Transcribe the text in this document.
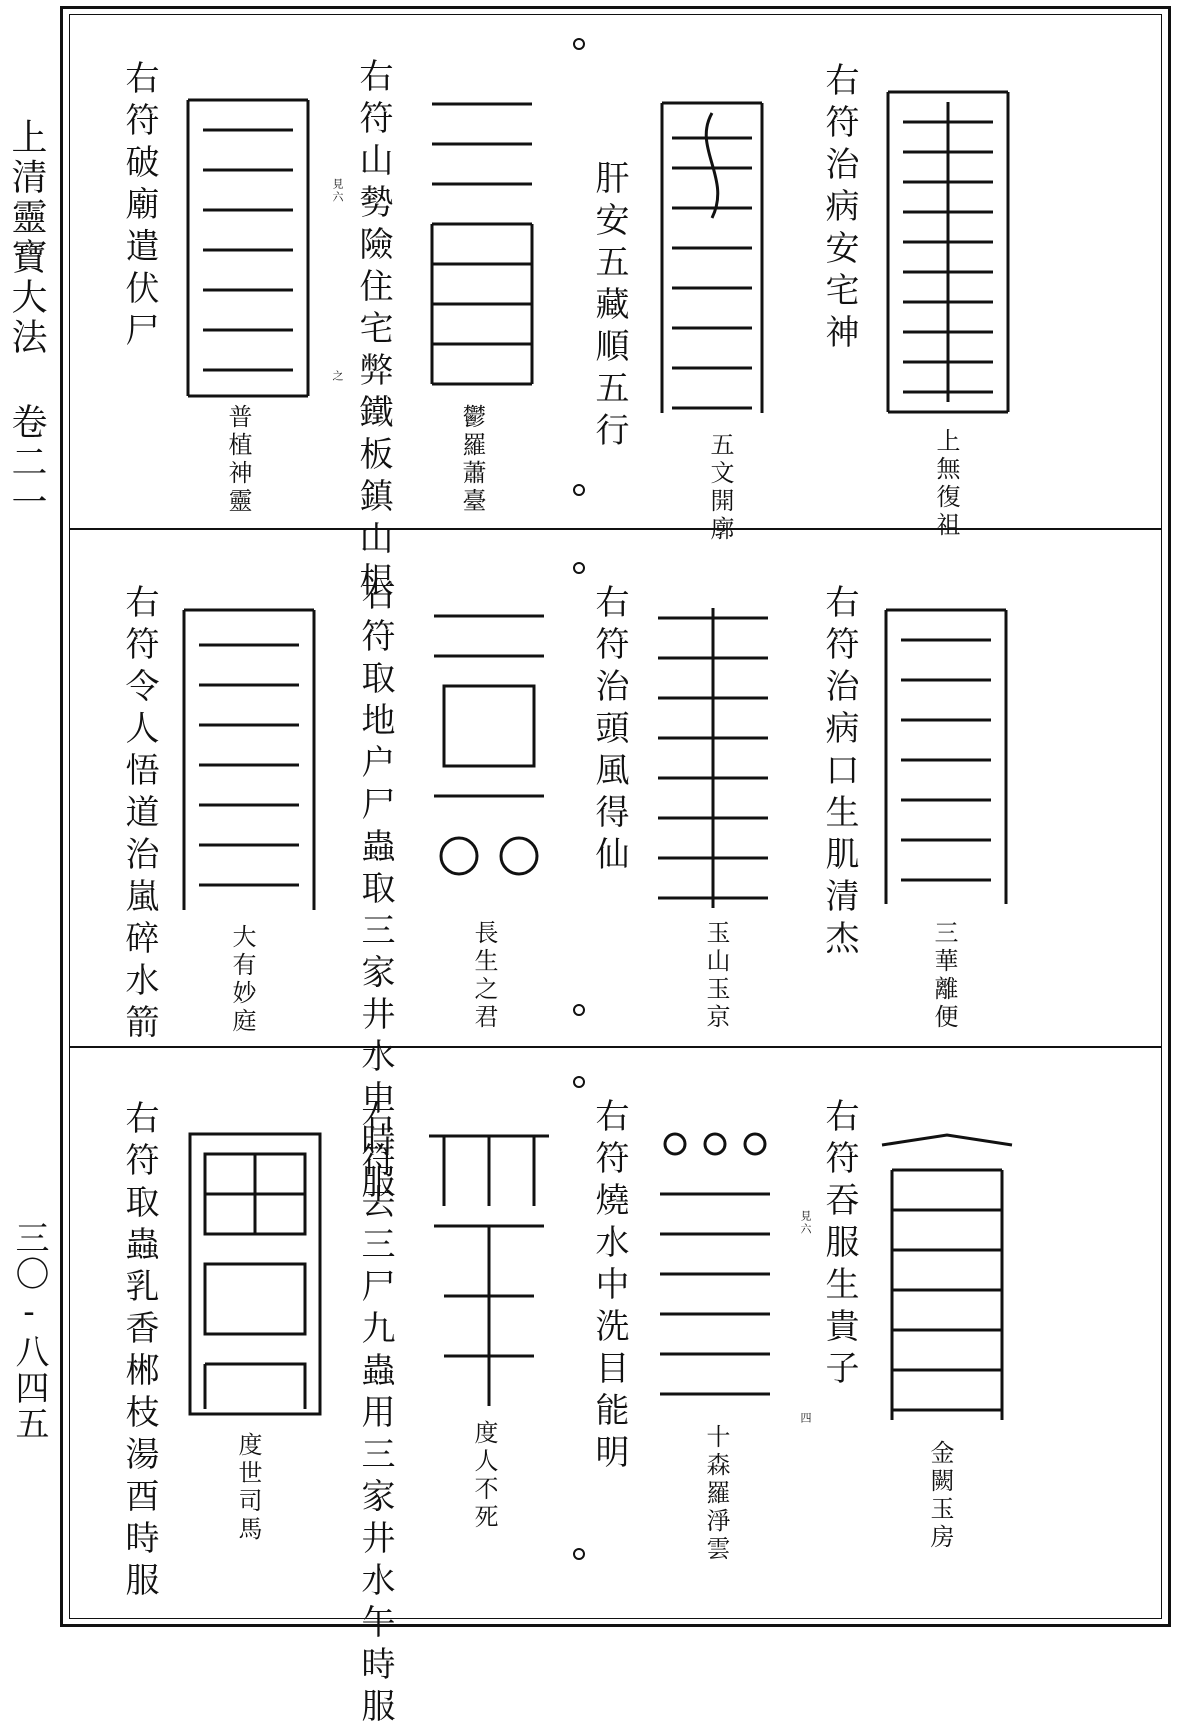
上清靈寶大法 卷二一
三〇-八四五
右符治病安宅神
上無復祖
肝安五藏順五行
五文開廓
右符山勢險住宅弊鐵板鎮山根
見六
之
鬱羅蕭臺
右符破廟遣伏尸
普植神靈
右符治病口生肌清杰
三華離便
右符治頭風得仙
玉山玉京
右符取地户尸蟲取三家井水申時服	長生之君
右符令人悟道治嵐碎水箭	大有妙庭
右符吞服生貴子
見六
四
金闕玉房
右符燒水中洗目能明	十森羅淨雲
右符去三尸九蟲用三家井水午時服	度人不死
右符取蟲乳香郴枝湯酉時服	度世司馬
